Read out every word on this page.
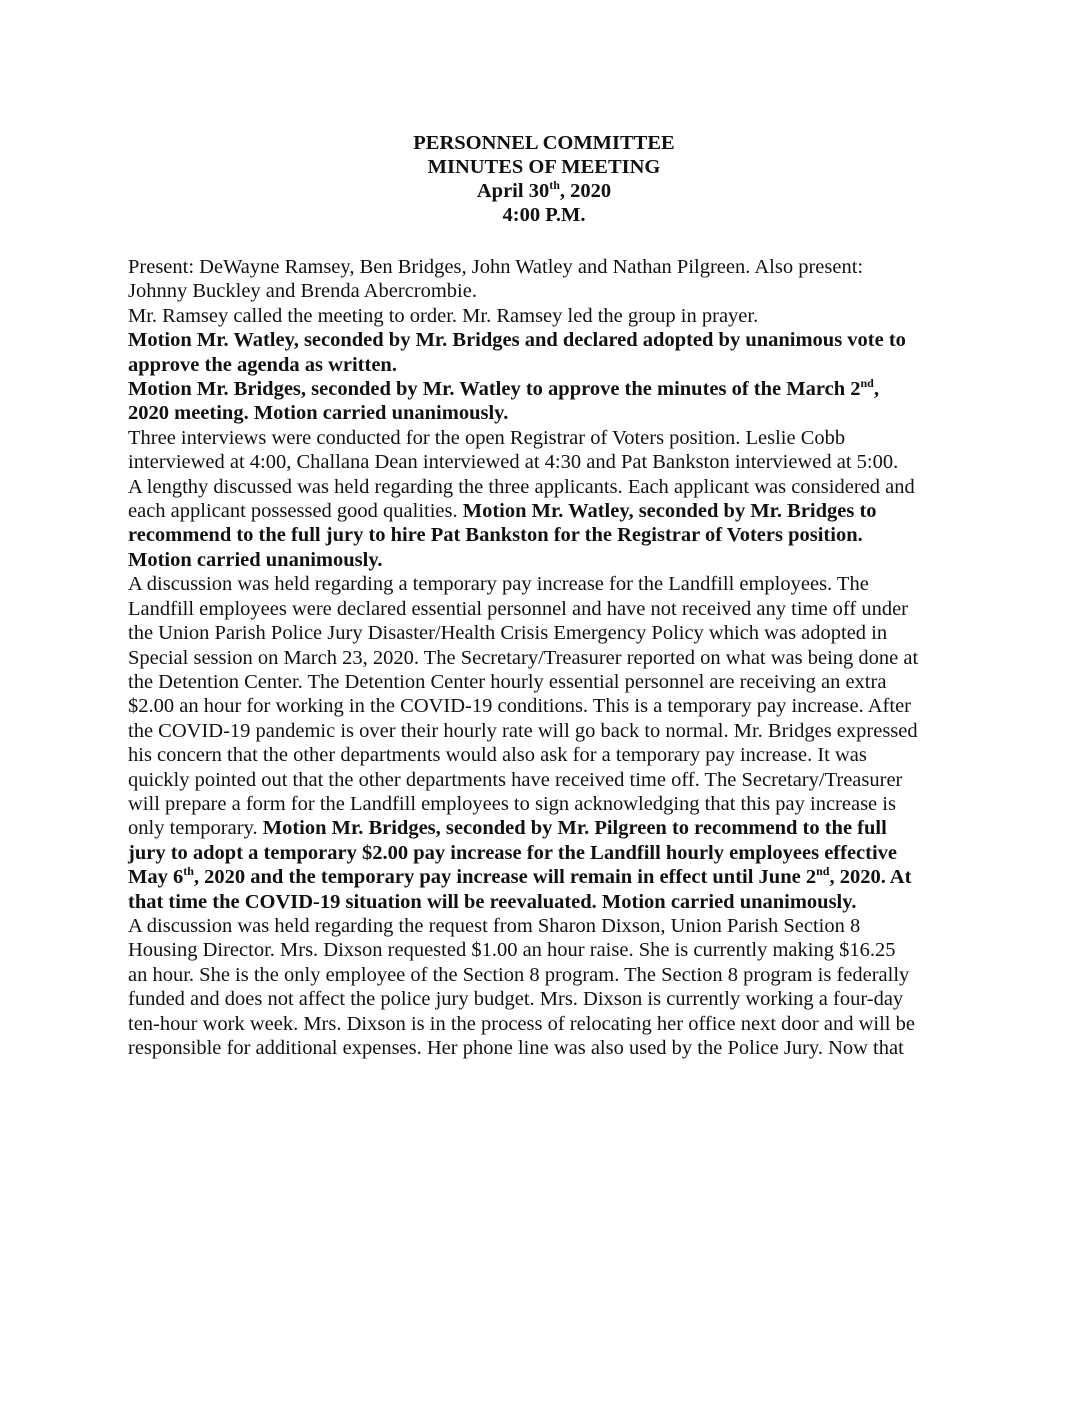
PERSONNEL COMMITTEE
MINUTES OF MEETING
April 30th, 2020
4:00 P.M.

Present: DeWayne Ramsey, Ben Bridges, John Watley and Nathan Pilgreen. Also present:
Johnny Buckley and Brenda Abercrombie.

Mr. Ramsey called the meeting to order. Mr. Ramsey led the group in prayer.

Motion Mr. Watley, seconded by Mr. Bridges and declared adopted by unanimous vote to
approve the agenda as written.

Motion Mr. Bridges, seconded by Mr. Watley to approve the minutes of the March 2nd,
2020 meeting. Motion carried unanimously.

Three interviews were conducted for the open Registrar of Voters position. Leslie Cobb
interviewed at 4:00, Challana Dean interviewed at 4:30 and Pat Bankston interviewed at 5:00.

A lengthy discussed was held regarding the three applicants. Each applicant was considered and
each applicant possessed good qualities. Motion Mr. Watley, seconded by Mr. Bridges to
recommend to the full jury to hire Pat Bankston for the Registrar of Voters position.
Motion carried unanimously.

A discussion was held regarding a temporary pay increase for the Landfill employees. The
Landfill employees were declared essential personnel and have not received any time off under
the Union Parish Police Jury Disaster/Health Crisis Emergency Policy which was adopted in
Special session on March 23, 2020. The Secretary/Treasurer reported on what was being done at
the Detention Center. The Detention Center hourly essential personnel are receiving an extra
$2.00 an hour for working in the COVID-19 conditions. This is a temporary pay increase. After
the COVID-19 pandemic is over their hourly rate will go back to normal. Mr. Bridges expressed
his concern that the other departments would also ask for a temporary pay increase. It was
quickly pointed out that the other departments have received time off. The Secretary/Treasurer
will prepare a form for the Landfill employees to sign acknowledging that this pay increase is
only temporary. Motion Mr. Bridges, seconded by Mr. Pilgreen to recommend to the full
jury to adopt a temporary $2.00 pay increase for the Landfill hourly employees effective
May 6th, 2020 and the temporary pay increase will remain in effect until June 2nd, 2020. At
that time the COVID-19 situation will be reevaluated. Motion carried unanimously.

A discussion was held regarding the request from Sharon Dixson, Union Parish Section 8
Housing Director. Mrs. Dixson requested $1.00 an hour raise. She is currently making $16.25
an hour. She is the only employee of the Section 8 program. The Section 8 program is federally
funded and does not affect the police jury budget. Mrs. Dixson is currently working a four-day
ten-hour work week. Mrs. Dixson is in the process of relocating her office next door and will be
responsible for additional expenses. Her phone line was also used by the Police Jury. Now that
